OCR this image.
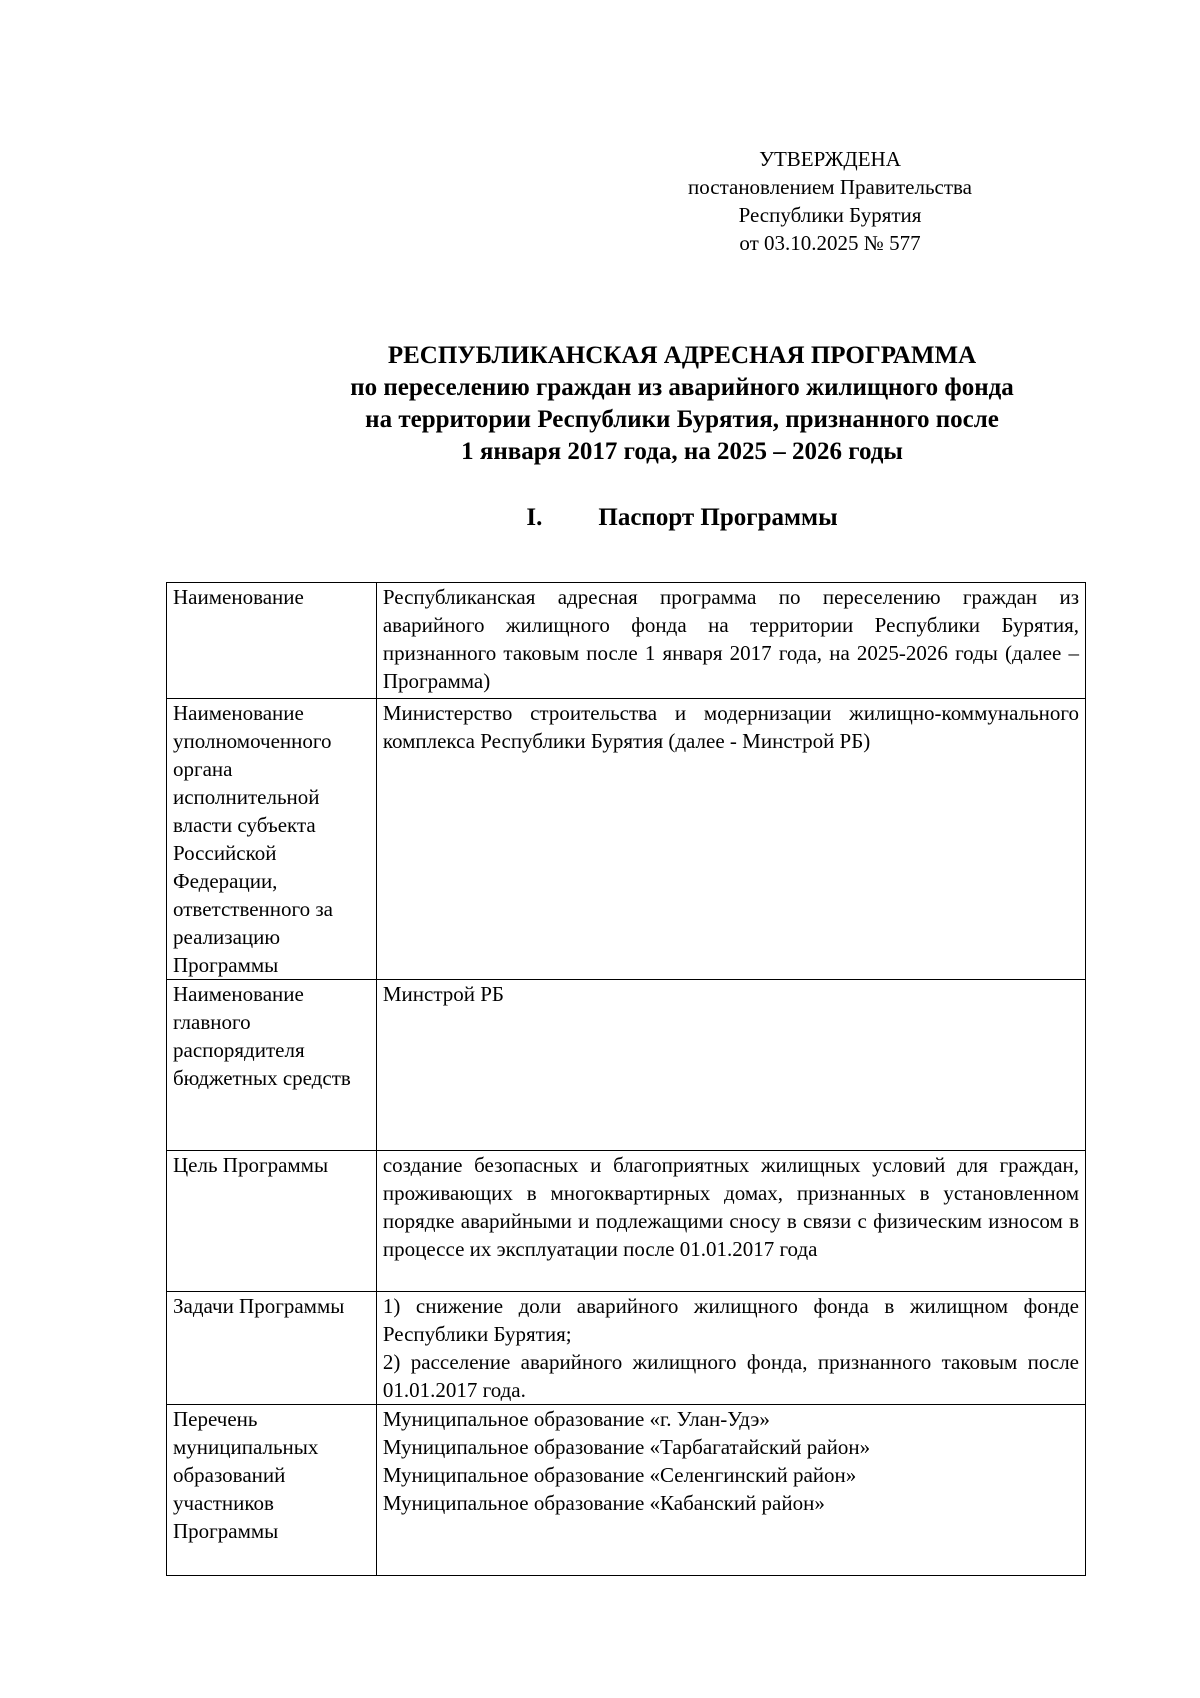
УТВЕРЖДЕНА
постановлением Правительства
Республики Бурятия
от 03.10.2025 № 577
РЕСПУБЛИКАНСКАЯ АДРЕСНАЯ ПРОГРАММА
по переселению граждан из аварийного жилищного фонда
на территории Республики Бурятия, признанного после
1 января 2017 года, на 2025 – 2026 годы
I. Паспорт Программы
Наименование	Республиканская адресная программа по переселению граждан из аварийного жилищного фонда на территории Республики Бурятия, признанного таковым после 1 января 2017 года, на 2025-2026 годы (далее – Программа)
Наименование уполномоченного органа исполнительной власти субъекта Российской Федерации, ответственного за реализацию Программы	Министерство строительства и модернизации жилищно-коммунального комплекса Республики Бурятия (далее - Минстрой РБ)
Наименование главного распорядителя бюджетных средств	Минстрой РБ
Цель Программы	создание безопасных и благоприятных жилищных условий для граждан, проживающих в многоквартирных домах, признанных в установленном порядке аварийными и подлежащими сносу в связи с физическим износом в процессе их эксплуатации после 01.01.2017 года
Задачи Программы	1) снижение доли аварийного жилищного фонда в жилищном фонде Республики Бурятия;
2) расселение аварийного жилищного фонда, признанного таковым после 01.01.2017 года.

Перечень муниципальных образований участников Программы	Муниципальное образование «г. Улан-Удэ»
Муниципальное образование «Тарбагатайский район»
Муниципальное образование «Селенгинский район»
Муниципальное образование «Кабанский район»
